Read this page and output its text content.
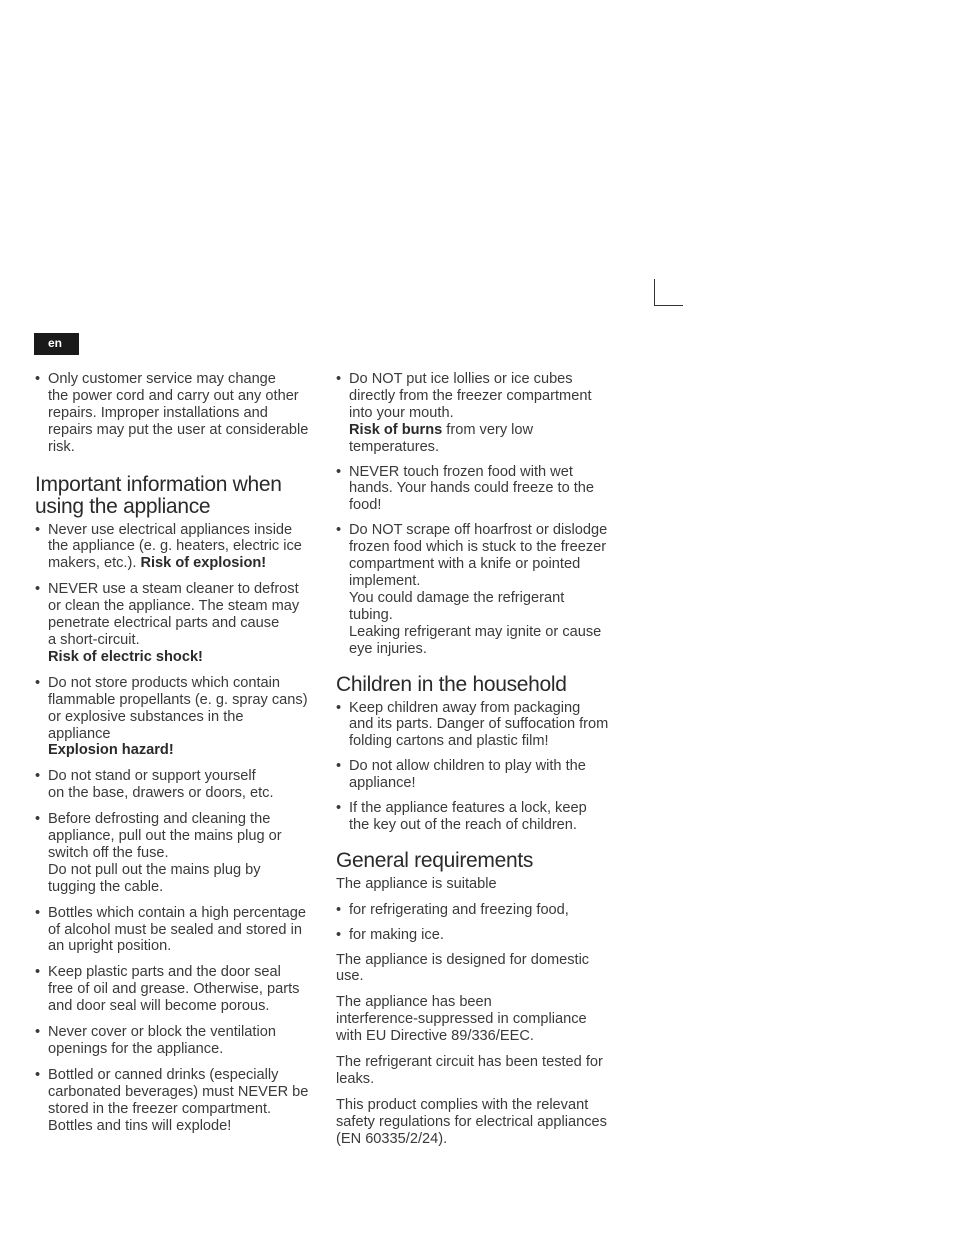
en
• Only customer service may change
the power cord and carry out any other
repairs. Improper installations and
repairs may put the user at considerable
risk.
Important information when
using the appliance
• Never use electrical appliances inside
the appliance (e. g. heaters, electric ice
makers, etc.). Risk of explosion!
• NEVER use a steam cleaner to defrost
or clean the appliance. The steam may
penetrate electrical parts and cause
a short-circuit.
Risk of electric shock!
• Do not store products which contain
flammable propellants (e. g. spray cans)
or explosive substances in the
appliance
Explosion hazard!
• Do not stand or support yourself
on the base, drawers or doors, etc.
• Before defrosting and cleaning the
appliance, pull out the mains plug or
switch off the fuse.
Do not pull out the mains plug by
tugging the cable.
• Bottles which contain a high percentage
of alcohol must be sealed and stored in
an upright position.
• Keep plastic parts and the door seal
free of oil and grease. Otherwise, parts
and door seal will become porous.
• Never cover or block the ventilation
openings for the appliance.
• Bottled or canned drinks (especially
carbonated beverages) must NEVER be
stored in the freezer compartment.
Bottles and tins will explode!
• Do NOT put ice lollies or ice cubes
directly from the freezer compartment
into your mouth.
Risk of burns from very low
temperatures.
• NEVER touch frozen food with wet
hands. Your hands could freeze to the
food!
• Do NOT scrape off hoarfrost or dislodge
frozen food which is stuck to the freezer
compartment with a knife or pointed
implement.
You could damage the refrigerant
tubing.
Leaking refrigerant may ignite or cause
eye injuries.
Children in the household
• Keep children away from packaging
and its parts. Danger of suffocation from
folding cartons and plastic film!
• Do not allow children to play with the
appliance!
• If the appliance features a lock, keep
the key out of the reach of children.
General requirements

The appliance is suitable

• for refrigerating and freezing food,
• for making ice.

The appliance is designed for domestic
use.

The appliance has been
interference-suppressed in compliance
with EU Directive 89/336/EEC.

The refrigerant circuit has been tested for
leaks.

This product complies with the relevant
safety regulations for electrical appliances
(EN 60335/2/24).
